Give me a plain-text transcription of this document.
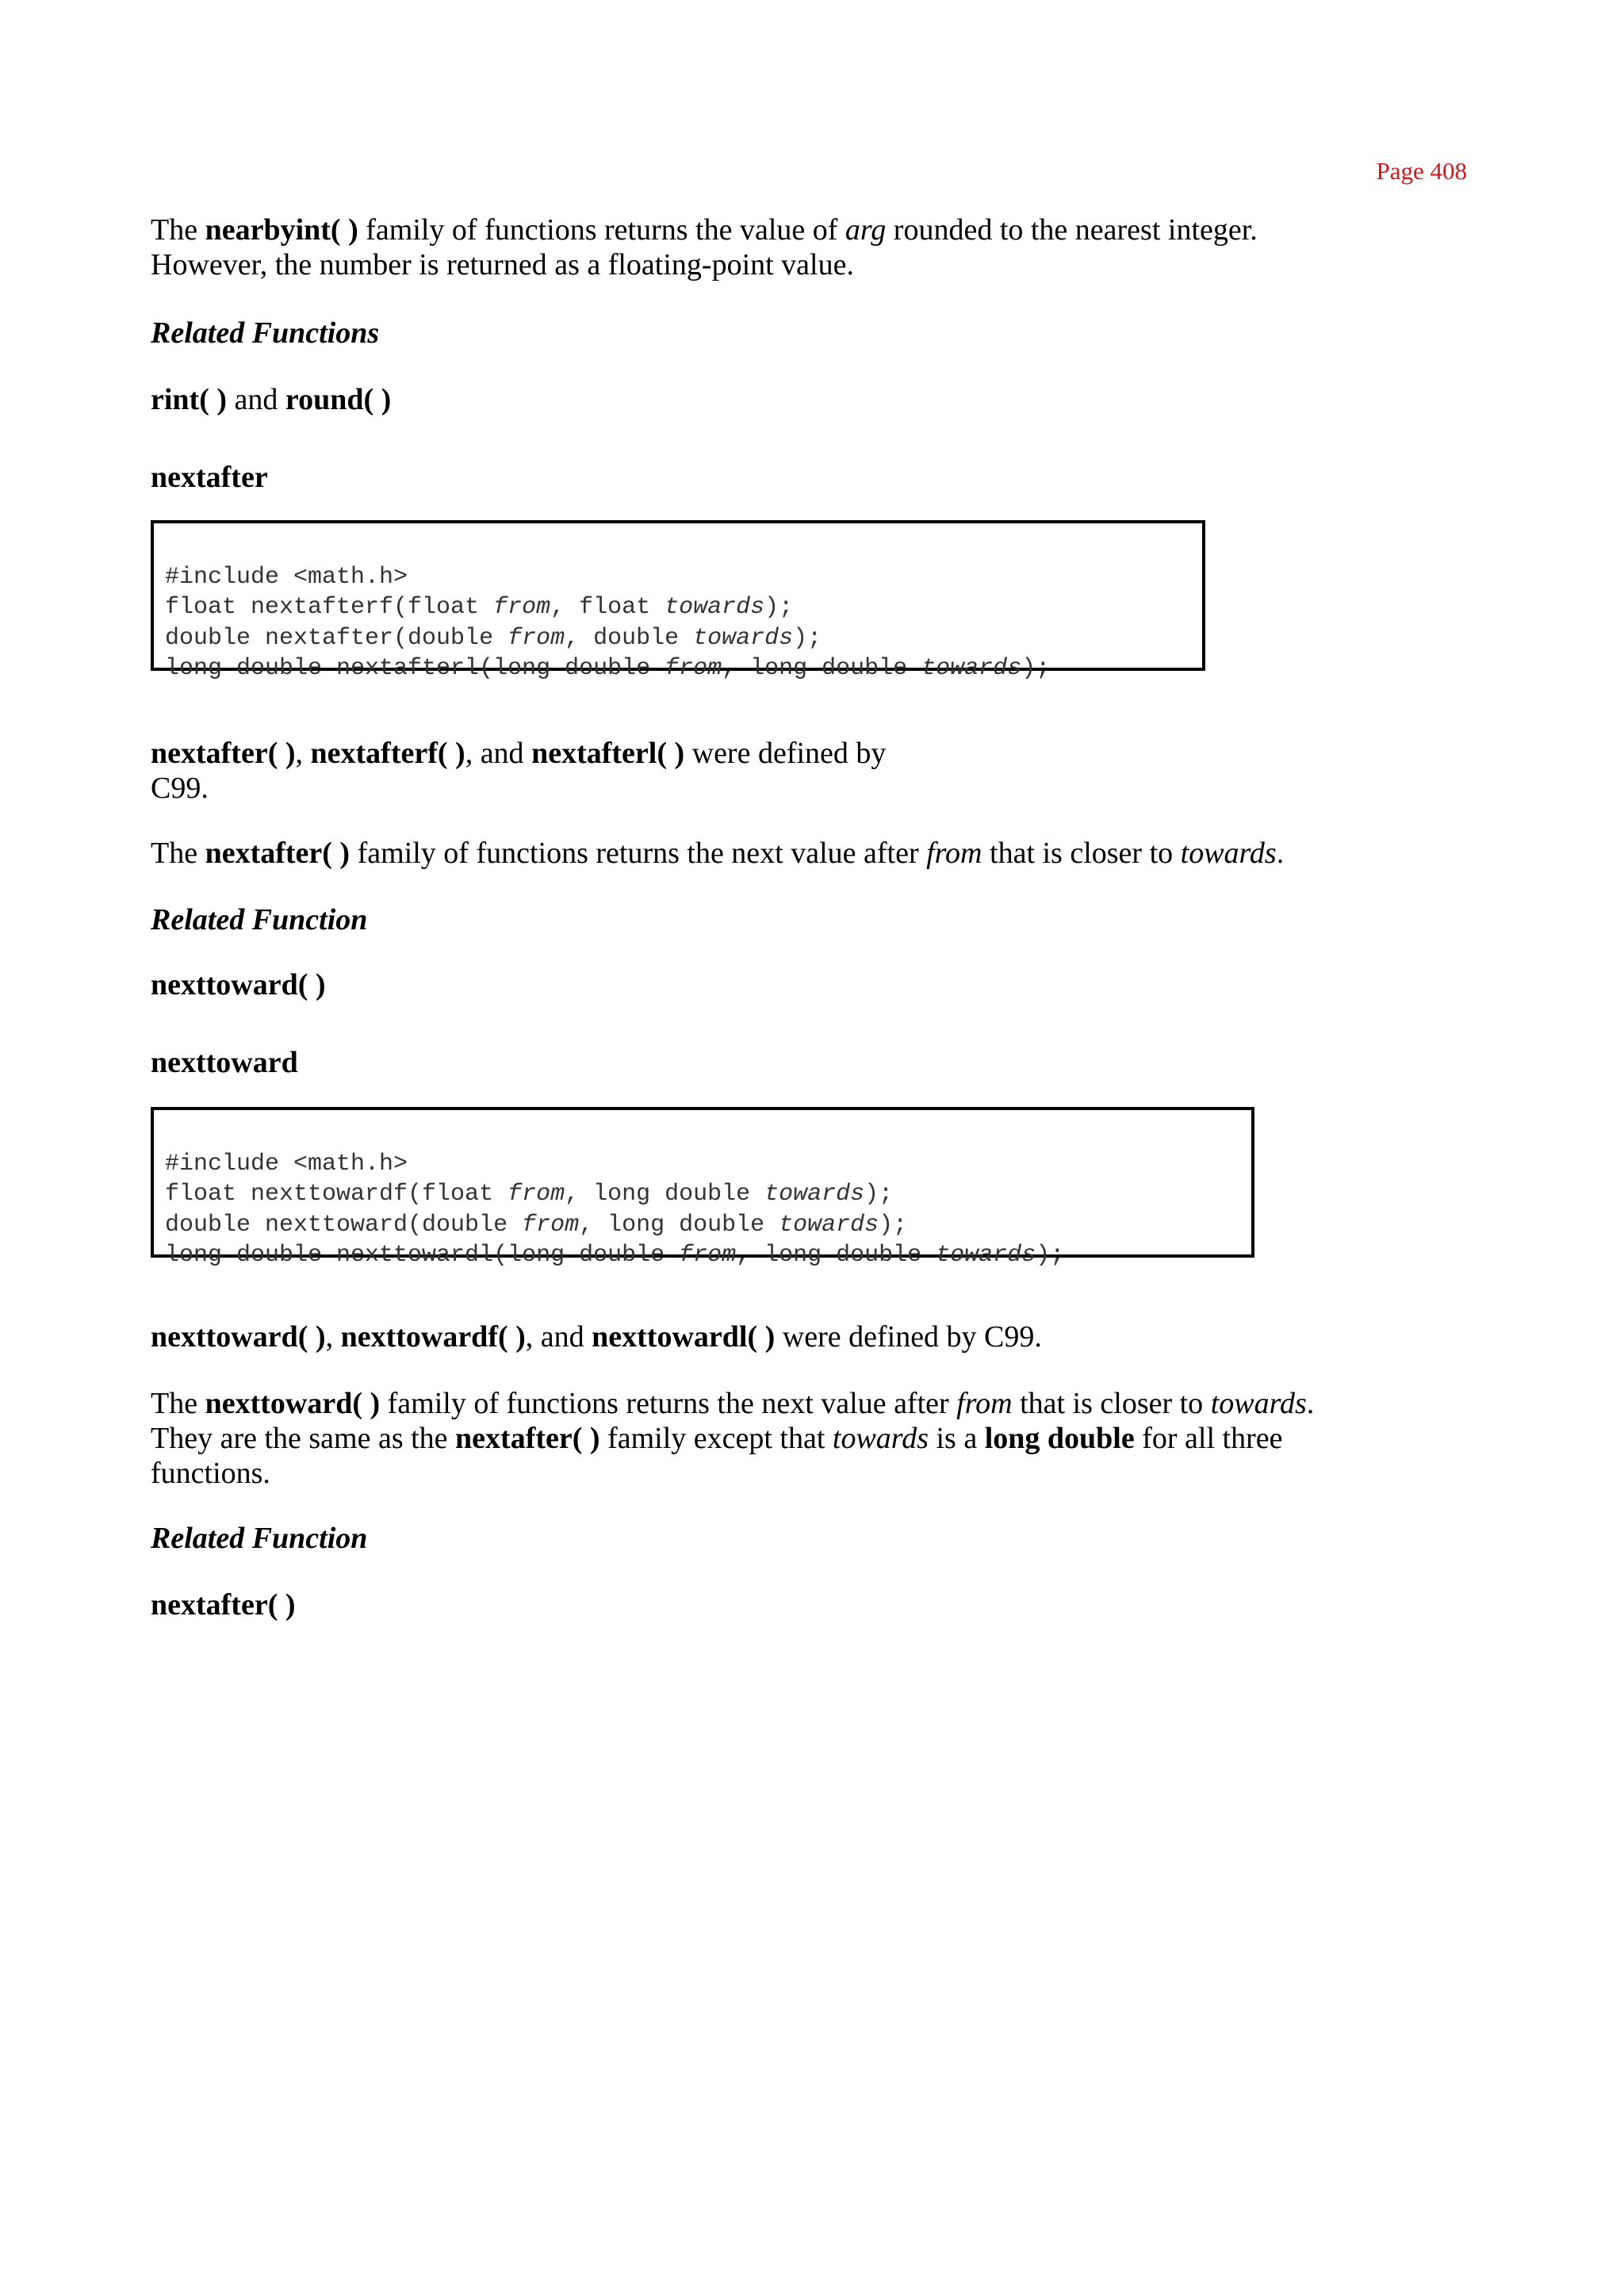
Page 408
The nearbyint( ) family of functions returns the value of arg rounded to the nearest integer.
However, the number is returned as a floating-point value.
Related Functions
rint( ) and round( )
nextafter

#include <math.h>
float nextafterf(float from, float towards);
double nextafter(double from, double towards);
long double nextafterl(long double from, long double towards);

nextafter( ), nextafterf( ), and nextafterl( ) were defined by
C99.
The nextafter( ) family of functions returns the next value after from that is closer to towards.
Related Function
nexttoward( )
nexttoward

#include <math.h>
float nexttowardf(float from, long double towards);
double nexttoward(double from, long double towards);
long double nexttowardl(long double from, long double towards);

nexttoward( ), nexttowardf( ), and nexttowardl( ) were defined by C99.
The nexttoward( ) family of functions returns the next value after from that is closer to towards.
They are the same as the nextafter( ) family except that towards is a long double for all three
functions.
Related Function
nextafter( )
